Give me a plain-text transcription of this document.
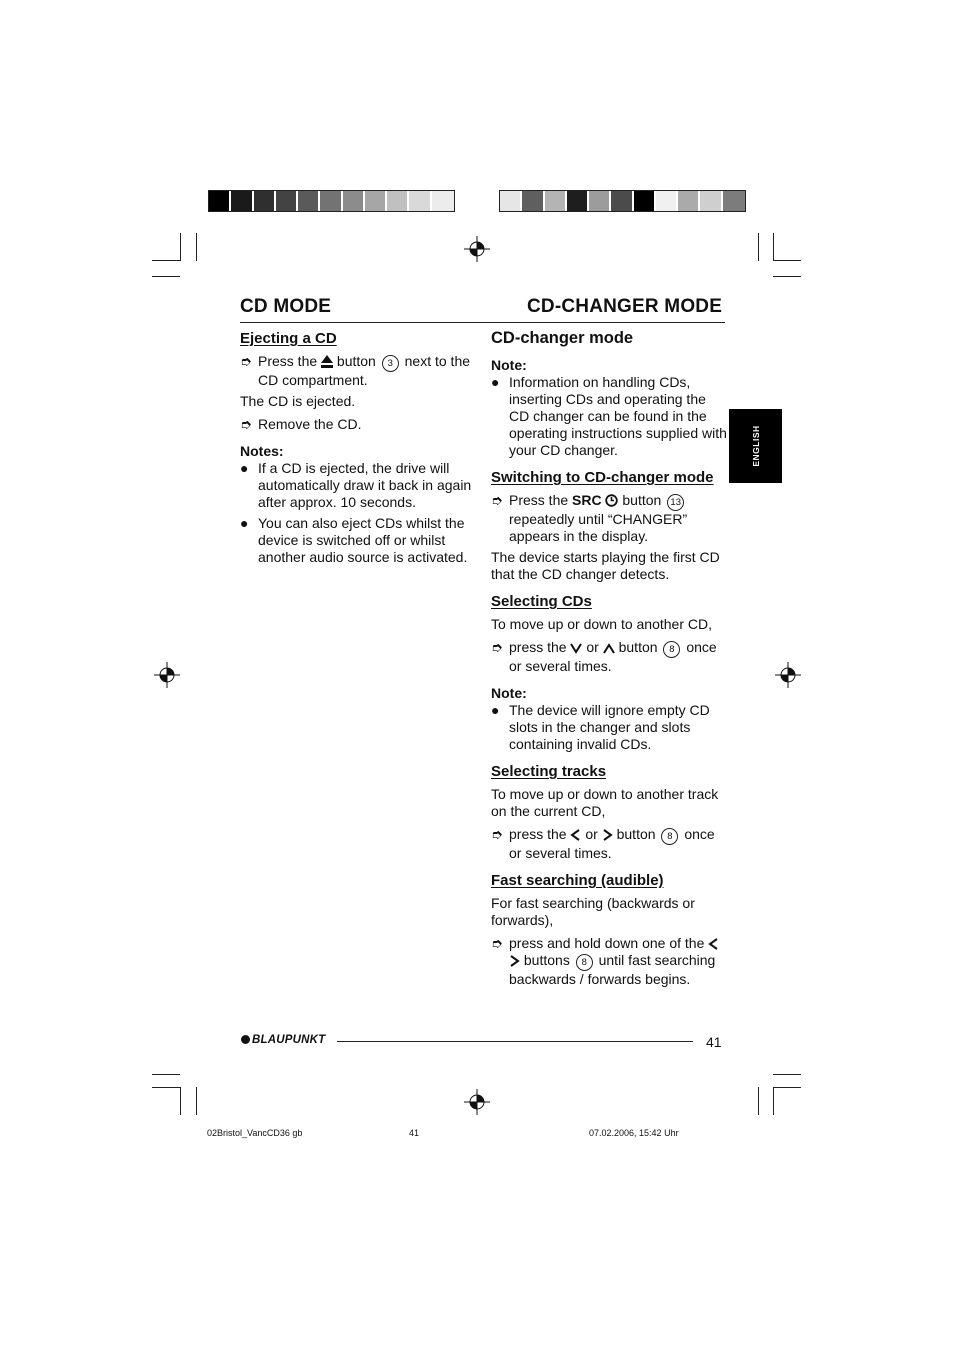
CD MODE	CD-CHANGER MODE
ENGLISH

Ejecting a CD

➮ Press the button 3 next to the CD compartment.

The CD is ejected.

➮ Remove the CD.

Notes:

● If a CD is ejected, the drive will automatically draw it back in again after approx. 10 seconds.
● You can also eject CDs whilst the device is switched off or whilst another audio source is activated.

CD-changer mode

Note:

● Information on handling CDs, inserting CDs and operating the CD changer can be found in the operating instructions supplied with your CD changer.

Switching to CD-changer mode

➮ Press the SRC button 13 repeatedly until “CHANGER” appears in the display.

The device starts playing the first CD that the CD changer detects.

Selecting CDs

To move up or down to another CD,

➮ press the or button 8 once or several times.

Note:

● The device will ignore empty CD slots in the changer and slots containing invalid CDs.

Selecting tracks

To move up or down to another track on the current CD,

➮ press the or button 8 once or several times.

Fast searching (audible)

For fast searching (backwards or forwards),

➮ press and hold down one of the  buttons 8 until fast searching backwards / forwards begins.
BLAUPUNKT	41
02Bristol_VancCD36 gb	41	07.02.2006, 15:42 Uhr
